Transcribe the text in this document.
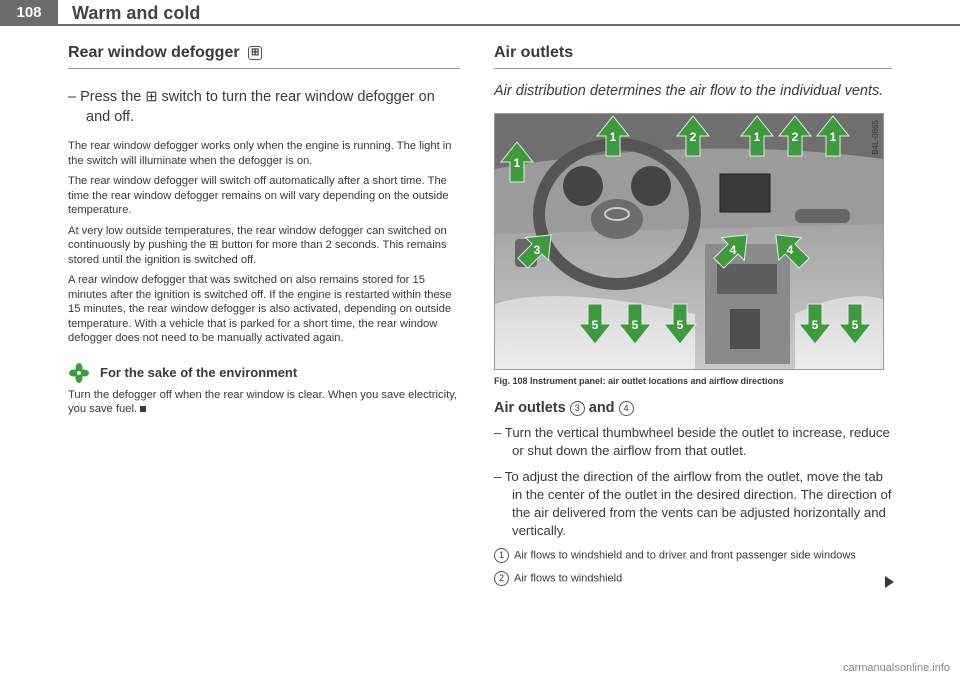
108	Warm and cold
Rear window defogger ⊞
– Press the ⊞ switch to turn the rear window defogger on and off.

The rear window defogger works only when the engine is running. The light in the switch will illuminate when the defogger is on.

The rear window defogger will switch off automatically after a short time. The time the rear window defogger remains on will vary depending on the outside temperature.

At very low outside temperatures, the rear window defogger can switched on continuously by pushing the ⊞ button for more than 2 seconds. This remains stored until the ignition is switched off.

A rear window defogger that was switched on also remains stored for 15 minutes after the ignition is switched off. If the engine is restarted within these 15 minutes, the rear window defogger is also activated, depending on outside temperature. With a vehicle that is parked for a short time, the rear window defogger does not need to be manually activated again.

For the sake of the environment

Turn the defogger off when the rear window is clear. When you save electricity, you save fuel.

Air outlets
Air distribution determines the air flow to the individual vents.
1	2	1	2	1
1
3	4	4
5	5	5	5	5
B4L-0865
Fig. 108 Instrument panel: air outlet locations and airflow directions
Air outlets 3 and 4
– Turn the vertical thumbwheel beside the outlet to increase, reduce or shut down the airflow from that outlet.
– To adjust the direction of the airflow from the outlet, move the tab in the center of the outlet in the desired direction. The direction of the air delivered from the vents can be adjusted horizontally and vertically.
1 Air flows to windshield and to driver and front passenger side windows
2 Air flows to windshield
carmanualsonline.info
